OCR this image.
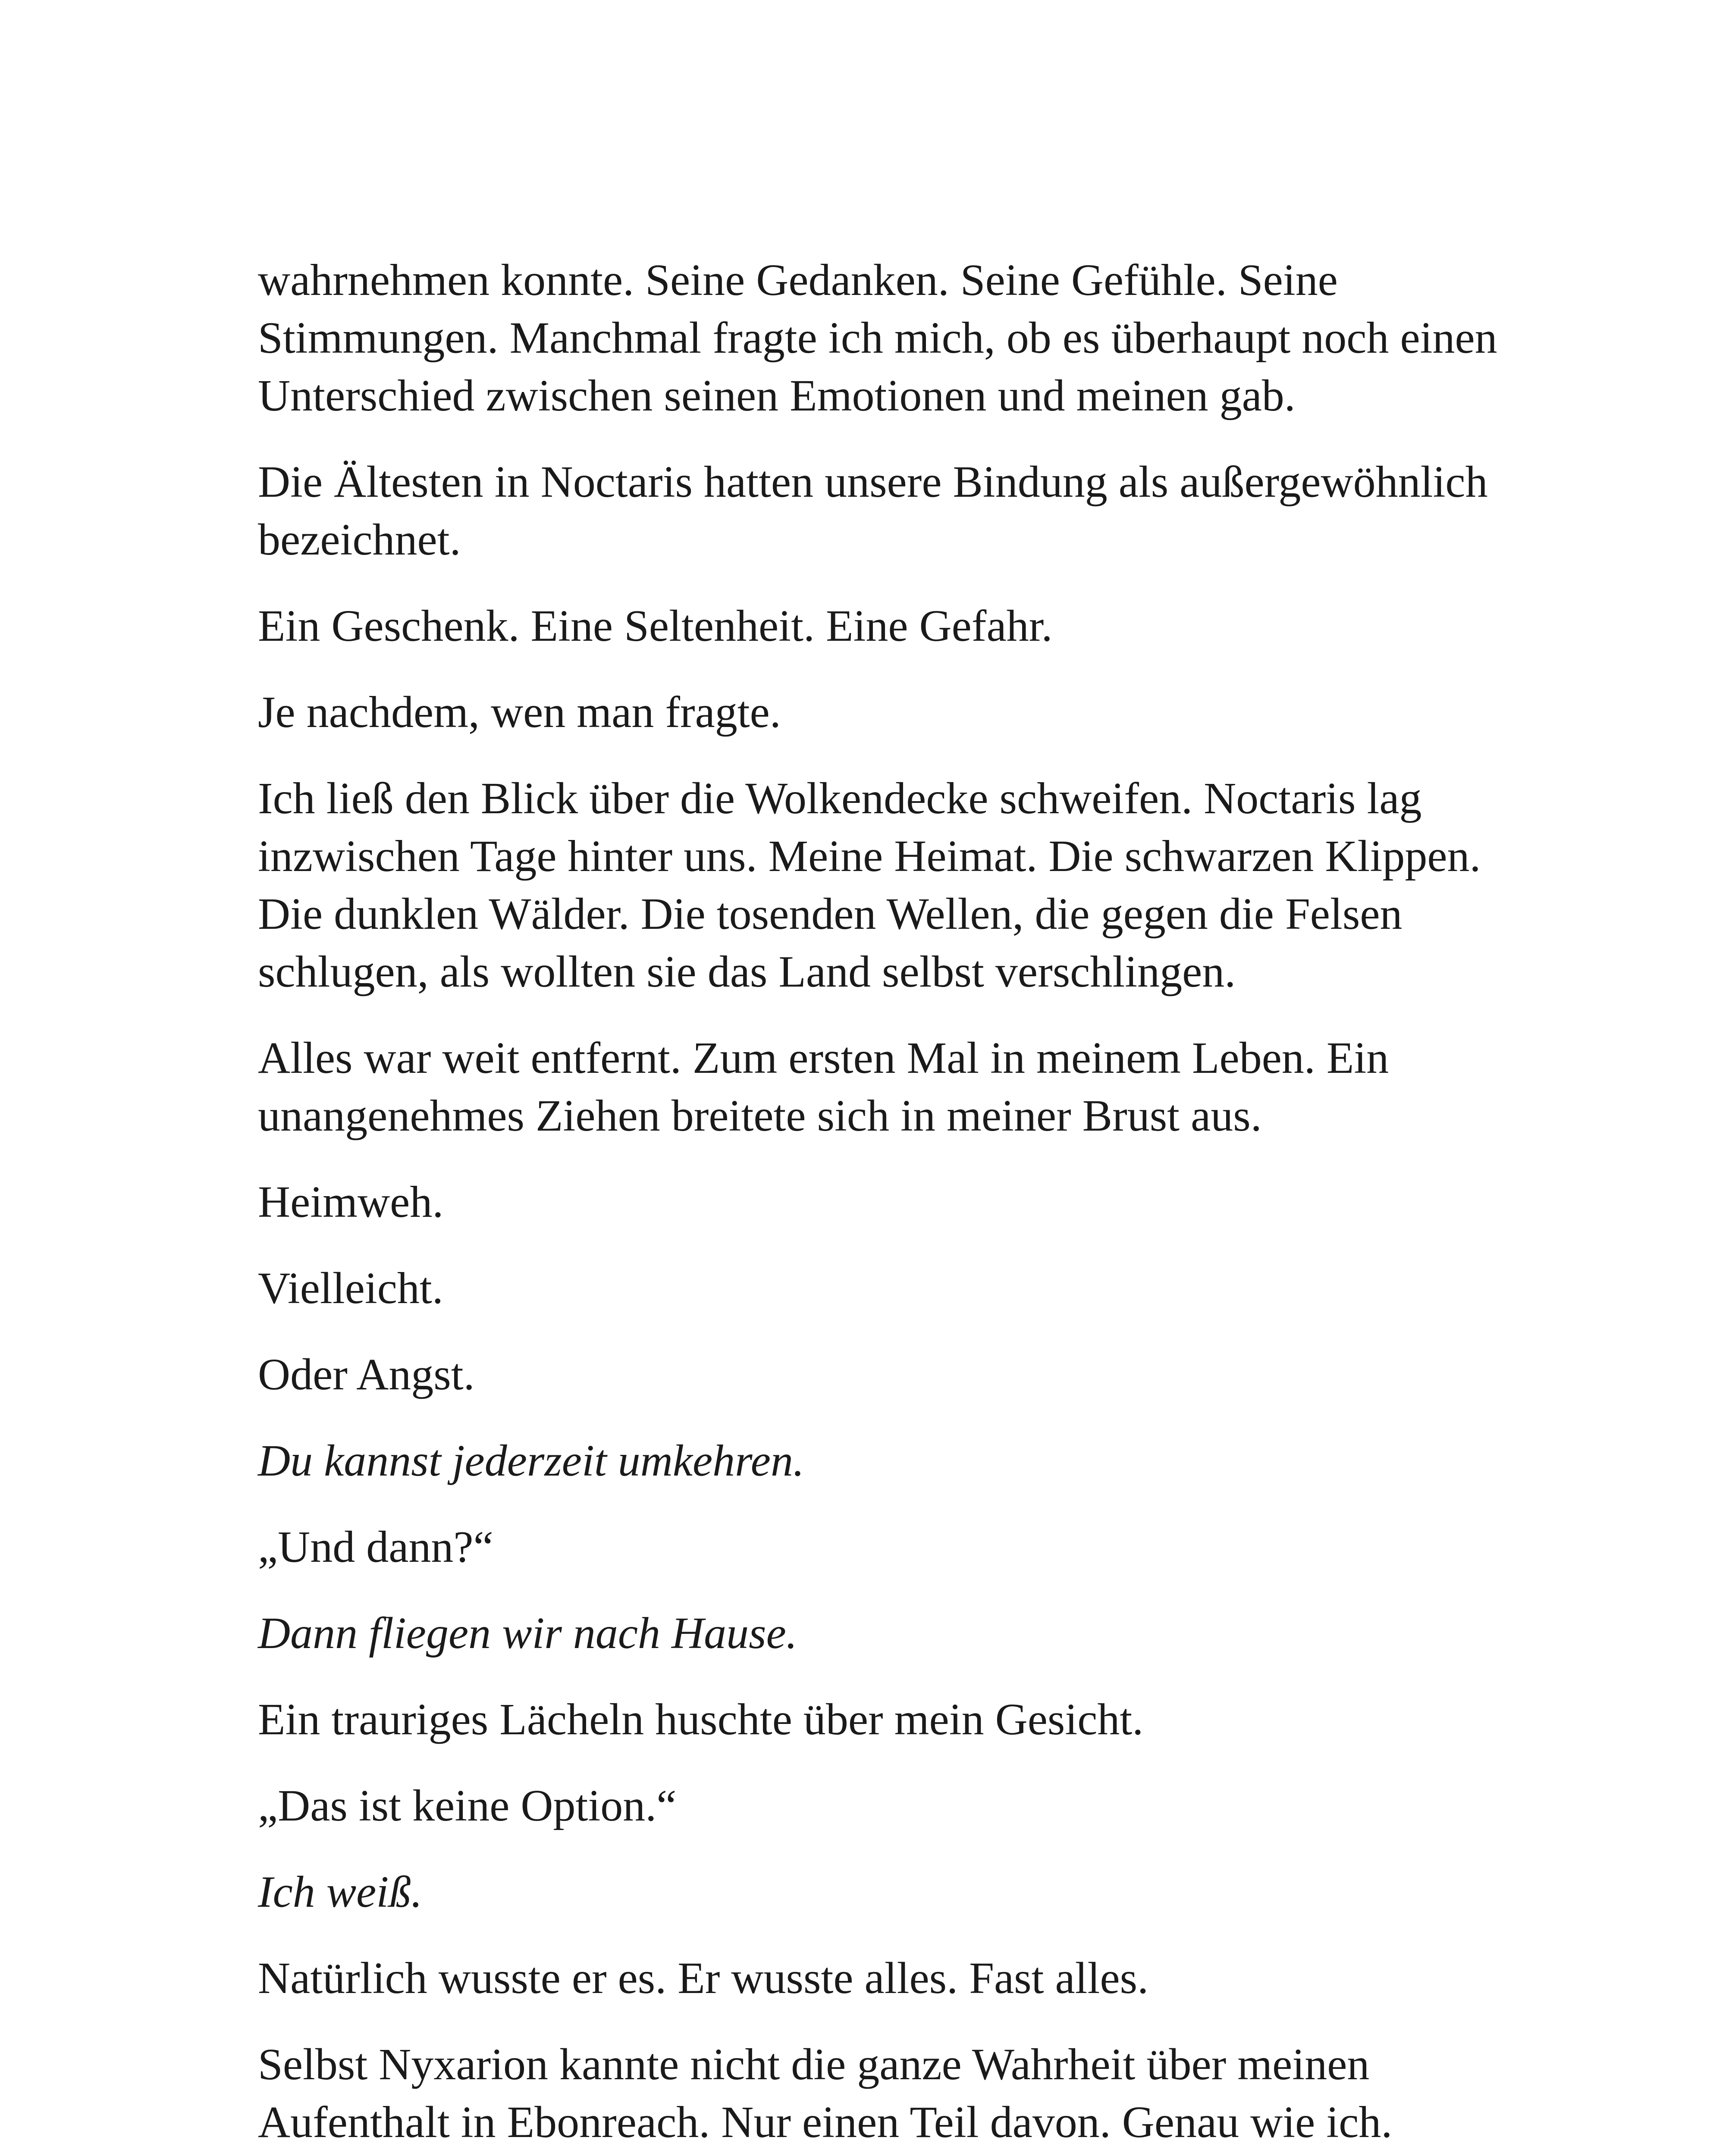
wahrnehmen konnte. Seine Gedanken. Seine Gefühle. Seine
Stimmungen. Manchmal fragte ich mich, ob es überhaupt noch einen
Unterschied zwischen seinen Emotionen und meinen gab.

Die Ältesten in Noctaris hatten unsere Bindung als außergewöhnlich
bezeichnet.

Ein Geschenk. Eine Seltenheit. Eine Gefahr.

Je nachdem, wen man fragte.

Ich ließ den Blick über die Wolkendecke schweifen. Noctaris lag
inzwischen Tage hinter uns. Meine Heimat. Die schwarzen Klippen.
Die dunklen Wälder. Die tosenden Wellen, die gegen die Felsen
schlugen, als wollten sie das Land selbst verschlingen.

Alles war weit entfernt. Zum ersten Mal in meinem Leben. Ein
unangenehmes Ziehen breitete sich in meiner Brust aus.

Heimweh.

Vielleicht.

Oder Angst.

Du kannst jederzeit umkehren.

„Und dann?“

Dann fliegen wir nach Hause.

Ein trauriges Lächeln huschte über mein Gesicht.

„Das ist keine Option.“

Ich weiß.

Natürlich wusste er es. Er wusste alles. Fast alles.

Selbst Nyxarion kannte nicht die ganze Wahrheit über meinen
Aufenthalt in Ebonreach. Nur einen Teil davon. Genau wie ich.
